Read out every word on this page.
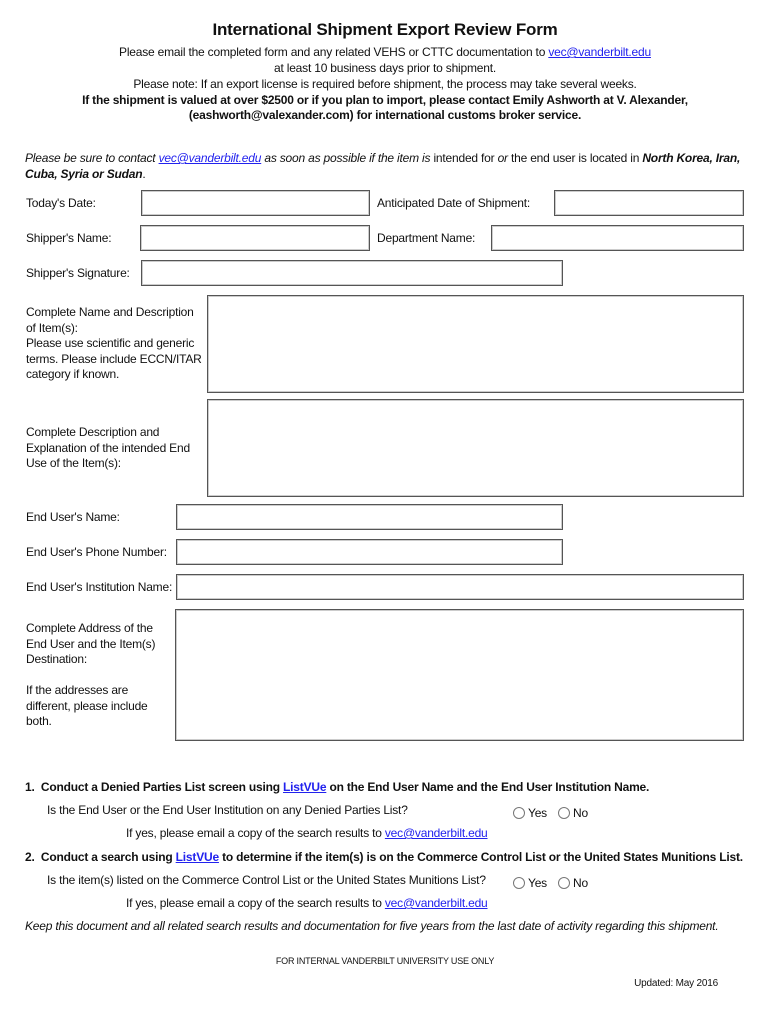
International Shipment Export Review Form
Please email the completed form and any related VEHS or CTTC documentation to vec@vanderbilt.edu
at least 10 business days prior to shipment.
Please note: If an export license is required before shipment, the process may take several weeks.
If the shipment is valued at over $2500 or if you plan to import, please contact Emily Ashworth at V. Alexander,
(eashworth@valexander.com) for international customs broker service.
Please be sure to contact vec@vanderbilt.edu as soon as possible if the item is intended for or the end user is located in North Korea, Iran,
Cuba, Syria or Sudan.
Today's Date:	Anticipated Date of Shipment:
Shipper's Name:	Department Name:
Shipper's Signature:
Complete Name and Description
of Item(s):
Please use scientific and generic
terms. Please include ECCN/ITAR
category if known.
Complete Description and
Explanation of the intended End
Use of the Item(s):
End User's Name:
End User's Phone Number:
End User's Institution Name:
Complete Address of the
End User and the Item(s)
Destination:
If the addresses are
different, please include
both.
1. Conduct a Denied Parties List screen using ListVUe on the End User Name and the End User Institution Name.
Is the End User or the End User Institution on any Denied Parties List?	Yes	No
If yes, please email a copy of the search results to vec@vanderbilt.edu
2. Conduct a search using ListVUe to determine if the item(s) is on the Commerce Control List or the United States Munitions List.
Is the item(s) listed on the Commerce Control List or the United States Munitions List?	Yes	No
If yes, please email a copy of the search results to vec@vanderbilt.edu
Keep this document and all related search results and documentation for five years from the last date of activity regarding this shipment.
FOR INTERNAL VANDERBILT UNIVERSITY USE ONLY
Updated: May 2016
